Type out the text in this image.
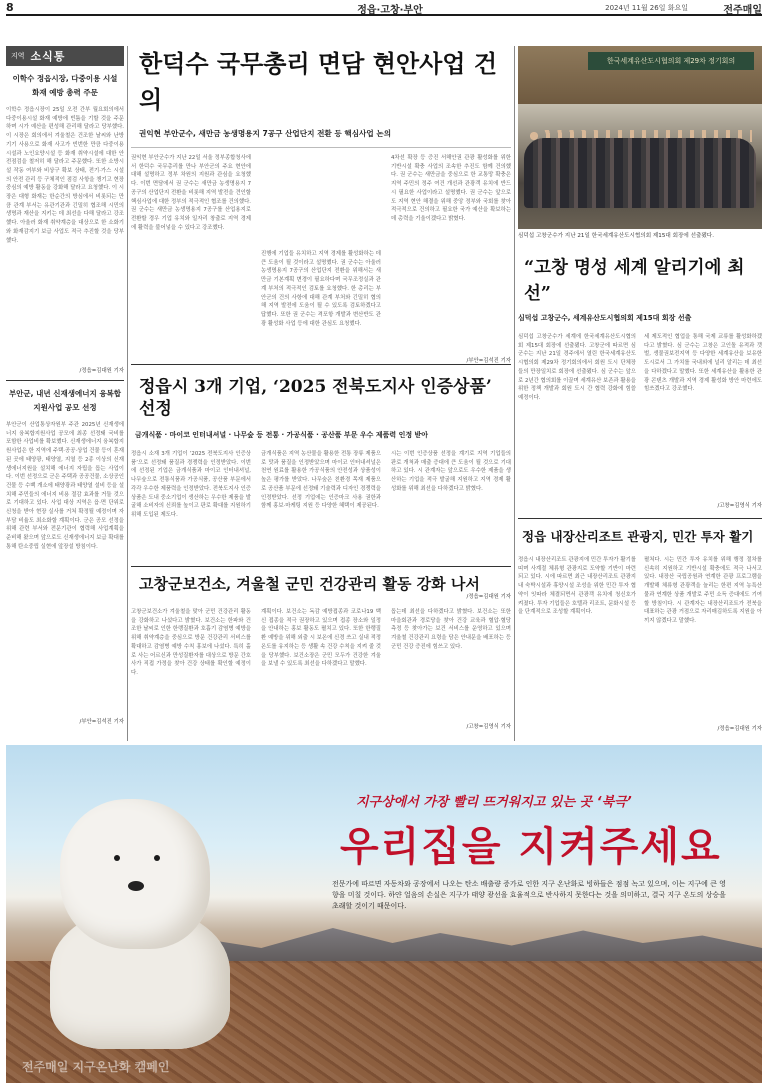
8	정읍·고창·부안	2024년 11월 26일 화요일	전주매일
지역 소식통
이학수 정읍시장, 다중이용 시설 화재 예방 총력 주문

이학수 정읍시장이 25일 오전 간부 월요회의에서 다중이용시설 화재 예방에 빈틈을 기할 것을 주문하며 시가 예산을 편성해 관리해 달라고 당부했다. 이 시장은 회의에서 겨울철은 건조한 날씨와 난방기기 사용으로 화재 사고가 빈번한 만큼 다중이용시설과 노인요양시설 등 화재 취약시설에 대한 안전점검을 철저히 해 달라고 주문했다. 또한 소방시설 작동 여부와 비상구 확보 상태, 전기·가스 시설의 안전 관리 등 구체적인 점검 사항을 챙기고 현장 중심의 예방 활동을 강화해 달라고 요청했다. 이 시장은 대형 화재는 한순간의 방심에서 비롯되는 만큼 관계 부서는 유관기관과 긴밀히 협조해 시민의 생명과 재산을 지키는 데 최선을 다해 달라고 강조했다. 아울러 화재 취약계층을 대상으로 한 소화기와 화재감지기 보급 사업도 적극 추진할 것을 당부했다.

/정읍=김대원 기자
부안군, 내년 신재생에너지 융복합지원사업 공모 선정

부안군이 산업통상자원부 주관 2025년 신재생에너지 융복합지원사업 공모에 최종 선정돼 국비를 포함한 사업비를 확보했다. 신재생에너지 융복합지원사업은 한 지역에 주택·공공·상업 건물 등이 혼재된 곳에 태양광, 태양열, 지열 등 2종 이상의 신재생에너지원을 설치해 에너지 자립을 돕는 사업이다. 이번 선정으로 군은 주택과 공공건물, 소상공인 건물 등 수백 개소에 태양광과 태양열 설비 등을 설치해 주민들의 에너지 비용 절감 효과를 거둘 것으로 기대하고 있다. 사업 대상 지역은 읍·면 단위로 신청을 받아 현장 실사를 거쳐 확정될 예정이며 자부담 비율도 최소화할 계획이다. 군은 공모 선정을 위해 관련 부서와 전문기관이 협력해 사업계획을 준비해 왔으며 앞으로도 신재생에너지 보급 확대를 통해 탄소중립 실현에 앞장설 방침이다.

/부안=김석진 기자
한덕수 국무총리 면담 현안사업 건의
권익현 부안군수, 새만금 농생명용지 7공구 산업단지 전환 등 핵심사업 논의

권익현 부안군수가 지난 22일 서울 정부종합청사에서 한덕수 국무총리를 만나 부안군의 주요 현안에 대해 설명하고 정부 차원의 지원과 관심을 요청했다. 이번 면담에서 권 군수는 새만금 농생명용지 7공구의 산업단지 전환을 비롯해 지역 발전을 견인할 핵심사업에 대한 정부의 적극적인 협조를 건의했다. 권 군수는 새만금 농생명용지 7공구를 산업용지로 전환할 경우 기업 유치와 일자리 창출로 지역 경제에 활력을 불어넣을 수 있다고 강조했다.

진행에 기업들 유치하고 지역 경제를 활성화하는 데 큰 도움이 될 것이라고 설명했다. 권 군수는 아울러 농생명용지 7공구의 산업단지 전환을 위해서는 새만금 기본계획 변경이 필요하다며 국무조정실과 관계 부처의 적극적인 검토를 요청했다. 한 총리는 부안군의 건의 사항에 대해 관계 부처와 긴밀히 협의해 지역 발전에 도움이 될 수 있도록 검토하겠다고 답했다. 또한 권 군수는 격포항 개발과 변산반도 관광 활성화 사업 등에 대한 관심도 요청했다.

4차선 확장 등 증진 서해안권 관광 활성화를 위한 기반시설 확충 사업의 조속한 추진도 함께 건의했다. 권 군수는 새만금을 중심으로 한 교통망 확충은 지역 주민의 정주 여건 개선과 관광객 유치에 반드시 필요한 사업이라고 설명했다. 권 군수는 앞으로도 지역 현안 해결을 위해 중앙 정부와 국회를 찾아 적극적으로 건의하고 필요한 국가 예산을 확보하는 데 총력을 기울이겠다고 밝혔다.

/부안=김석진 기자
정읍시 3개 기업, ‘2025 전북도지사 인증상품’ 선정
금개식품 · 마이코 인터내셔널 · 나무숲 등 전통 · 가공식품 · 공산품 부문 우수 제품력 인정 받아

정읍시 소재 3개 기업이 ‘2025 전북도지사 인증상품’으로 선정돼 품질과 경쟁력을 인정받았다. 이번에 선정된 기업은 금개식품과 마이코 인터내셔널, 나무숲으로 전통식품과 가공식품, 공산품 부문에서 각각 우수한 제품력을 인정받았다. 전북도지사 인증상품은 도내 중소기업이 생산하는 우수한 제품을 발굴해 소비자의 신뢰를 높이고 판로 확대를 지원하기 위해 도입된 제도다.

금개식품은 지역 농산물을 활용한 전통 장류 제품으로 맛과 품질을 인정받았으며 마이코 인터내셔널은 천연 원료를 활용한 가공식품의 안전성과 상품성이 높은 평가를 받았다. 나무숲은 친환경 목재 제품으로 공산품 부문에 선정돼 기술력과 디자인 경쟁력을 인정받았다. 선정 기업에는 인증마크 사용 권한과 함께 홍보·마케팅 지원 등 다양한 혜택이 제공된다.

시는 이번 인증상품 선정을 계기로 지역 기업들의 판로 개척과 매출 증대에 큰 도움이 될 것으로 기대하고 있다. 시 관계자는 앞으로도 우수한 제품을 생산하는 기업을 적극 발굴해 지원하고 지역 경제 활성화를 위해 최선을 다하겠다고 밝혔다.

/정읍=김대원 기자
고창군보건소, 겨울철 군민 건강관리 활동 강화 나서

고창군보건소가 겨울철을 맞아 군민 건강관리 활동을 강화하고 나섰다고 밝혔다. 보건소는 한파와 건조한 날씨로 인한 한랭질환과 호흡기 감염병 예방을 위해 취약계층을 중심으로 방문 건강관리 서비스를 확대하고 감염병 예방 수칙 홍보에 나섰다. 특히 홀로 사는 어르신과 만성질환자를 대상으로 방문 간호사가 직접 가정을 찾아 건강 상태를 확인할 예정이다.

계획이다. 보건소는 독감 예방접종과 코로나19 백신 접종을 적극 권장하고 있으며 접종 장소와 일정을 안내하는 홍보 활동도 펼치고 있다. 또한 한랭질환 예방을 위해 외출 시 보온에 신경 쓰고 실내 적정 온도를 유지하는 등 생활 속 건강 수칙을 지켜 줄 것을 당부했다. 보건소장은 군민 모두가 건강한 겨울을 보낼 수 있도록 최선을 다하겠다고 말했다.

돕는데 최선을 다하겠다고 밝혔다. 보건소는 또한 마을회관과 경로당을 찾아 건강 교육과 혈압·혈당 측정 등 찾아가는 보건 서비스를 운영하고 있으며 겨울철 건강관리 요령을 담은 안내문을 배포하는 등 군민 건강 증진에 힘쓰고 있다.

/고창=김영식 기자
한국세계유산도시협의회 제29차 정기회의
심덕섭 고창군수가 지난 21일 한국세계유산도시협의회 제15대 회장에 선출됐다.
“고창 명성 세계 알리기에 최선”
심덕섭 고창군수, 세계유산도시협의회 제15대 회장 선출

심덕섭 고창군수가 세계에 한국세계유산도시협의회 제15대 회장에 선출됐다. 고창군에 따르면 심 군수는 지난 21일 경주에서 열린 한국세계유산도시협의회 제29차 정기회의에서 회원 도시 단체장들의 만장일치로 회장에 선출됐다. 심 군수는 앞으로 2년간 협의회를 이끌며 세계유산 보존과 활용을 위한 정책 개발과 회원 도시 간 협력 강화에 힘쓸 예정이다.

세 제도적인 협업을 통해 국제 교류를 활성화하겠다고 밝혔다. 심 군수는 고창은 고인돌 유적과 갯벌, 생물권보전지역 등 다양한 세계유산을 보유한 도시로서 그 가치를 국내외에 널리 알리는 데 최선을 다하겠다고 말했다. 또한 세계유산을 활용한 관광 콘텐츠 개발과 지역 경제 활성화 방안 마련에도 힘쓰겠다고 강조했다.

/고창=김영식 기자
정읍 내장산리조트 관광지, 민간 투자 활기

정읍시 내장산리조트 관광지에 민간 투자가 활기를 띠며 사계절 체류형 관광지로 도약할 기반이 마련되고 있다. 시에 따르면 최근 내장산리조트 관광지 내 숙박시설과 휴양시설 조성을 위한 민간 투자 협약이 잇따라 체결되면서 관광객 유치에 청신호가 켜졌다. 투자 기업들은 호텔과 리조트, 문화시설 등을 단계적으로 조성할 계획이다.

펼쳐다. 시는 민간 투자 유치를 위해 행정 절차를 신속히 지원하고 기반시설 확충에도 적극 나서고 있다. 내장산 국립공원과 연계한 관광 프로그램을 개발해 체류형 관광객을 늘리는 한편 지역 농특산물과 연계한 상품 개발로 주민 소득 증대에도 기여할 방침이다. 시 관계자는 내장산리조트가 전북을 대표하는 관광 거점으로 자리매김하도록 지원을 아끼지 않겠다고 말했다.

/정읍=김대원 기자
지구상에서 가장 빨리 뜨거워지고 있는 곳 ‘북극’
우리집을 지켜주세요
전문가에 따르면 자동차와 공장에서 나오는 탄소 배출량 증가로 인한 지구 온난화로 빙하들은 점점 녹고 있으며, 이는 지구에 큰 영향을 미칠 것이다. 하얀 얼음의 손실은 지구가 태양 광선을 효율적으로 반사하지 못한다는 것을 의미하고, 결국 지구 온도의 상승을 초래할 것이기 때문이다.
전주매일 지구온난화 캠페인
